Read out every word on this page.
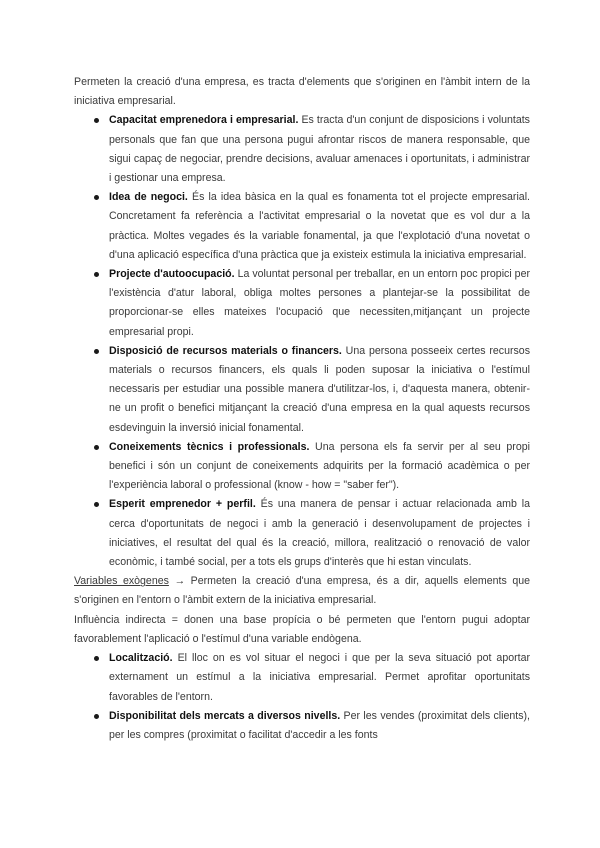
Permeten la creació d'una empresa, es tracta d'elements que s'originen en l'àmbit intern de la iniciativa empresarial.

Capacitat emprenedora i empresarial. Es tracta d'un conjunt de disposicions i voluntats personals que fan que una persona pugui afrontar riscos de manera responsable, que sigui capaç de negociar, prendre decisions, avaluar amenaces i oportunitats, i administrar i gestionar una empresa.
Idea de negoci. És la idea bàsica en la qual es fonamenta tot el projecte empresarial. Concretament fa referència a l'activitat empresarial o la novetat que es vol dur a la pràctica. Moltes vegades és la variable fonamental, ja que l'explotació d'una novetat o d'una aplicació específica d'una pràctica que ja existeix estimula la iniciativa empresarial.
Projecte d'autoocupació. La voluntat personal per treballar, en un entorn poc propici per l'existència d'atur laboral, obliga moltes persones a plantejar-se la possibilitat de proporcionar-se elles mateixes l'ocupació que necessiten,mitjançant un projecte empresarial propi.
Disposició de recursos materials o financers. Una persona posseeix certes recursos materials o recursos financers, els quals li poden suposar la iniciativa o l'estímul necessaris per estudiar una possible manera d'utilitzar-los, i, d'aquesta manera, obtenir-ne un profit o benefici mitjançant la creació d'una empresa en la qual aquests recursos esdevinguin la inversió inicial fonamental.
Coneixements tècnics i professionals. Una persona els fa servir per al seu propi benefici i són un conjunt de coneixements adquirits per la formació acadèmica o per l'experiència laboral o professional (know - how = "saber fer").
Esperit emprenedor + perfil. És una manera de pensar i actuar relacionada amb la cerca d'oportunitats de negoci i amb la generació i desenvolupament de projectes i iniciatives, el resultat del qual és la creació, millora, realització o renovació de valor econòmic, i també social, per a tots els grups d'interès que hi estan vinculats.

Variables exògenes → Permeten la creació d'una empresa, és a dir, aquells elements que s'originen en l'entorn o l'àmbit extern de la iniciativa empresarial.

Influència indirecta = donen una base propícia o bé permeten que l'entorn pugui adoptar favorablement l'aplicació o l'estímul d'una variable endògena.

Localització. El lloc on es vol situar el negoci i que per la seva situació pot aportar externament un estímul a la iniciativa empresarial. Permet aprofitar oportunitats favorables de l'entorn.
Disponibilitat dels mercats a diversos nivells. Per les vendes (proximitat dels clients), per les compres (proximitat o facilitat d'accedir a les fonts
